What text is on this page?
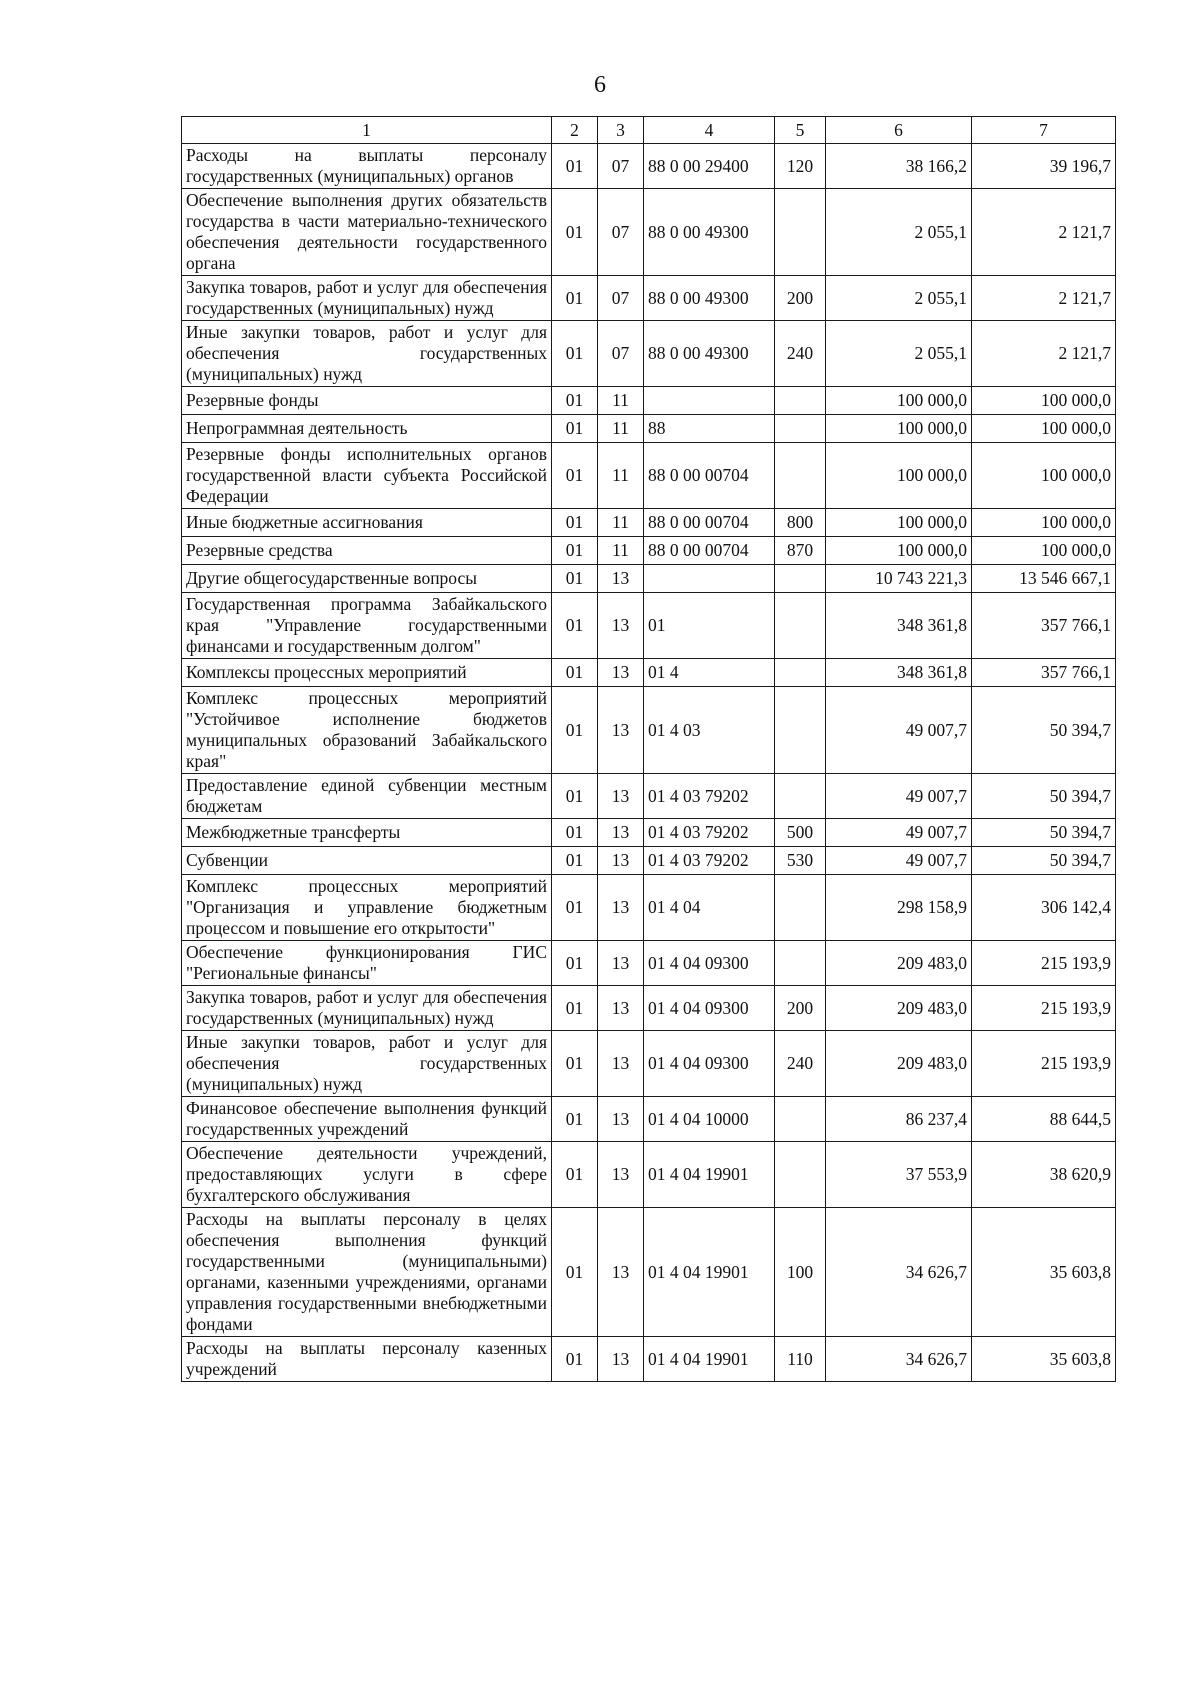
6
1	2	3	4	5	6	7
Расходы на выплаты персоналу государственных (муниципальных) органов	01	07	88 0 00 29400	120	38 166,2	39 196,7
Обеспечение выполнения других обязательств государства в части материально-технического обеспечения деятельности государственного органа	01	07	88 0 00 49300		2 055,1	2 121,7
Закупка товаров, работ и услуг для обеспечения государственных (муниципальных) нужд	01	07	88 0 00 49300	200	2 055,1	2 121,7
Иные закупки товаров, работ и услуг для обеспечения государственных (муниципальных) нужд	01	07	88 0 00 49300	240	2 055,1	2 121,7
Резервные фонды	01	11			100 000,0	100 000,0
Непрограммная деятельность	01	11	88		100 000,0	100 000,0
Резервные фонды исполнительных органов государственной власти субъекта Российской Федерации	01	11	88 0 00 00704		100 000,0	100 000,0
Иные бюджетные ассигнования	01	11	88 0 00 00704	800	100 000,0	100 000,0
Резервные средства	01	11	88 0 00 00704	870	100 000,0	100 000,0
Другие общегосударственные вопросы	01	13			10 743 221,3	13 546 667,1
Государственная программа Забайкальского края "Управление государственными финансами и государственным долгом"	01	13	01		348 361,8	357 766,1
Комплексы процессных мероприятий	01	13	01 4		348 361,8	357 766,1
Комплекс процессных мероприятий "Устойчивое исполнение бюджетов муниципальных образований Забайкальского края"	01	13	01 4 03		49 007,7	50 394,7
Предоставление единой субвенции местным бюджетам	01	13	01 4 03 79202		49 007,7	50 394,7
Межбюджетные трансферты	01	13	01 4 03 79202	500	49 007,7	50 394,7
Субвенции	01	13	01 4 03 79202	530	49 007,7	50 394,7
Комплекс процессных мероприятий "Организация и управление бюджетным процессом и повышение его открытости"	01	13	01 4 04		298 158,9	306 142,4
Обеспечение функционирования ГИС "Региональные финансы"	01	13	01 4 04 09300		209 483,0	215 193,9
Закупка товаров, работ и услуг для обеспечения государственных (муниципальных) нужд	01	13	01 4 04 09300	200	209 483,0	215 193,9
Иные закупки товаров, работ и услуг для обеспечения государственных (муниципальных) нужд	01	13	01 4 04 09300	240	209 483,0	215 193,9
Финансовое обеспечение выполнения функций государственных учреждений	01	13	01 4 04 10000		86 237,4	88 644,5
Обеспечение деятельности учреждений, предоставляющих услуги в сфере бухгалтерского обслуживания	01	13	01 4 04 19901		37 553,9	38 620,9
Расходы на выплаты персоналу в целях обеспечения выполнения функций государственными (муниципальными) органами, казенными учреждениями, органами управления государственными внебюджетными фондами	01	13	01 4 04 19901	100	34 626,7	35 603,8
Расходы на выплаты персоналу казенных учреждений	01	13	01 4 04 19901	110	34 626,7	35 603,8
